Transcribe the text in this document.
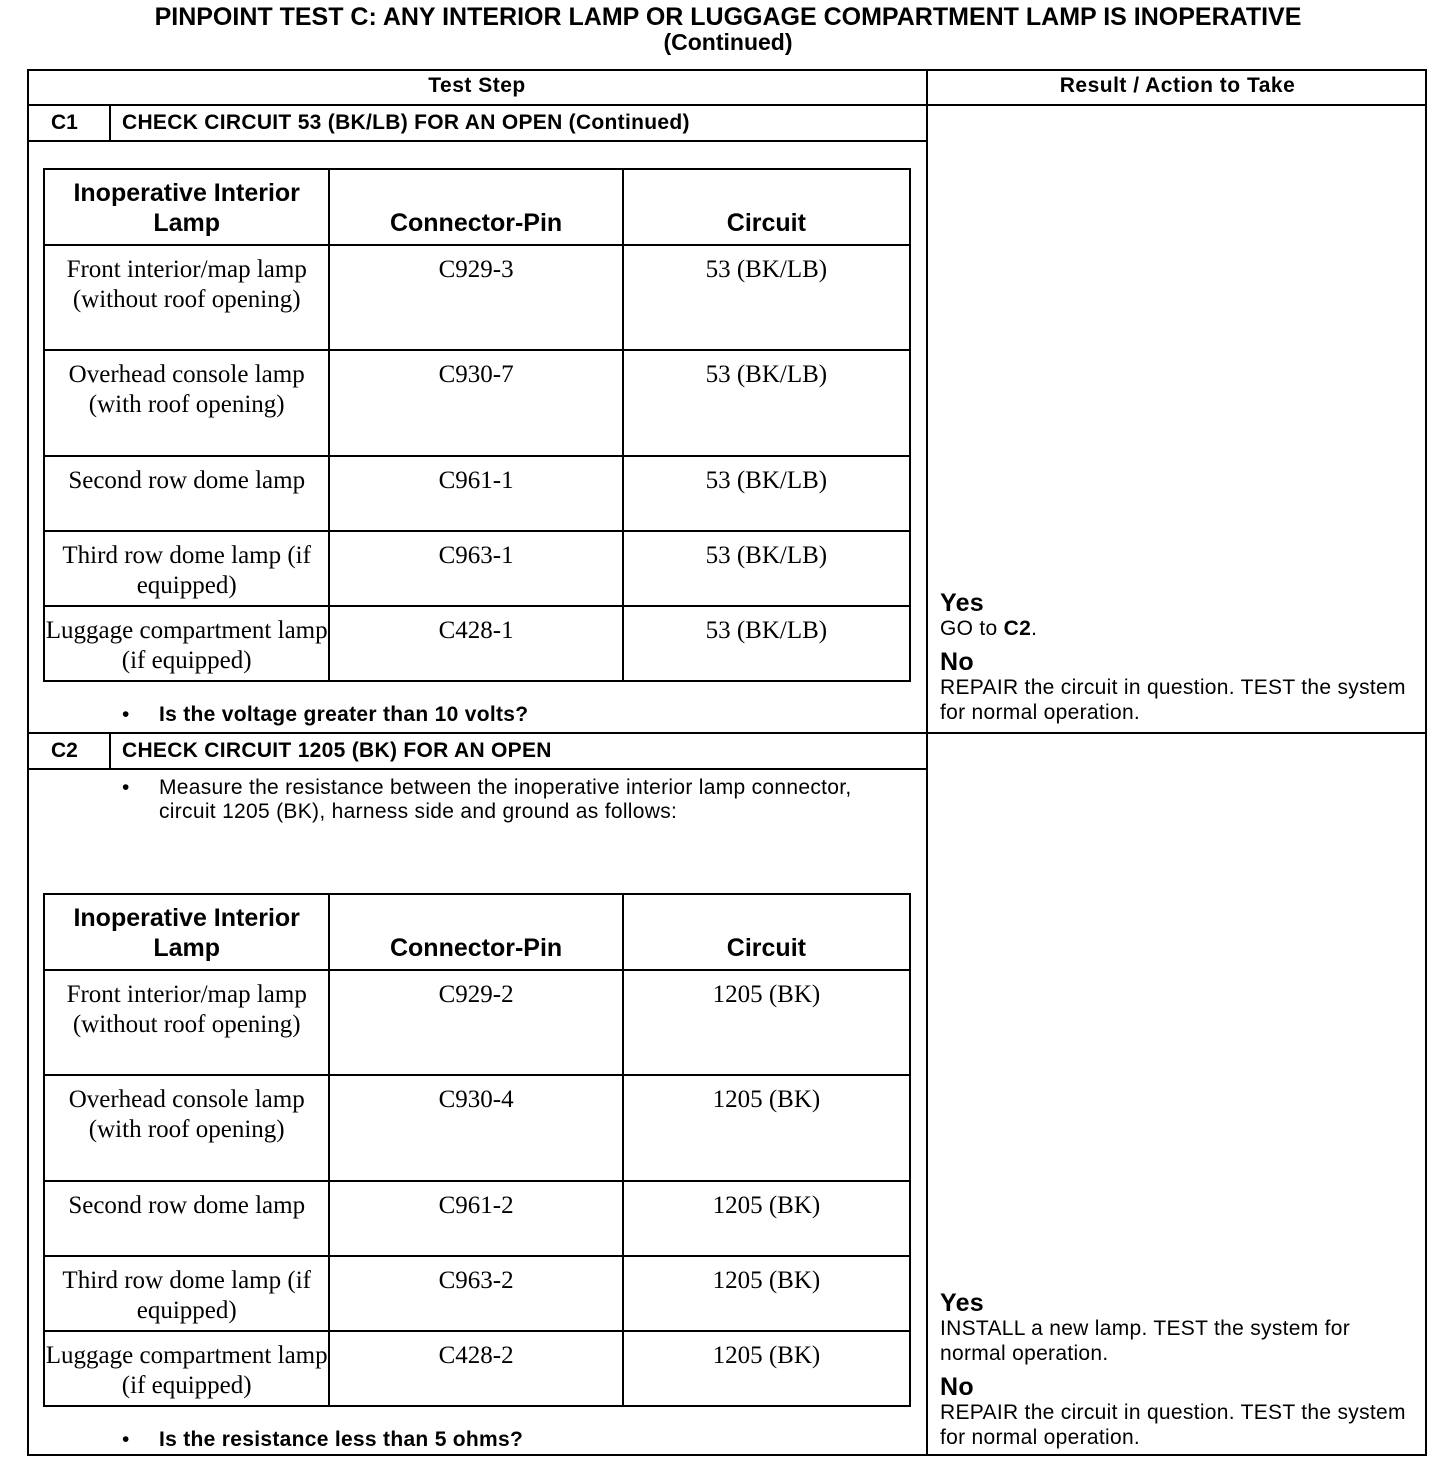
PINPOINT TEST C: ANY INTERIOR LAMP OR LUGGAGE COMPARTMENT LAMP IS INOPERATIVE
(Continued)
Test Step	Result / Action to Take
C1 CHECK CIRCUIT 53 (BK/LB) FOR AN OPEN (Continued)
Inoperative Interior Lamp	Connector-Pin	Circuit
Front interior/map lamp (without roof opening)	C929-3	53 (BK/LB)
Overhead console lamp (with roof opening)	C930-7	53 (BK/LB)
Second row dome lamp	C961-1	53 (BK/LB)
Third row dome lamp (if equipped)	C963-1	53 (BK/LB)
Luggage compartment lamp (if equipped)	C428-1	53 (BK/LB)
• Is the voltage greater than 10 volts?
Yes
GO to C2.
No
REPAIR the circuit in question. TEST the system for normal operation.
C2 CHECK CIRCUIT 1205 (BK) FOR AN OPEN
• Measure the resistance between the inoperative interior lamp connector, circuit 1205 (BK), harness side and ground as follows:
Inoperative Interior Lamp	Connector-Pin	Circuit
Front interior/map lamp (without roof opening)	C929-2	1205 (BK)
Overhead console lamp (with roof opening)	C930-4	1205 (BK)
Second row dome lamp	C961-2	1205 (BK)
Third row dome lamp (if equipped)	C963-2	1205 (BK)
Luggage compartment lamp (if equipped)	C428-2	1205 (BK)
• Is the resistance less than 5 ohms?
Yes
INSTALL a new lamp. TEST the system for normal operation.
No
REPAIR the circuit in question. TEST the system for normal operation.
